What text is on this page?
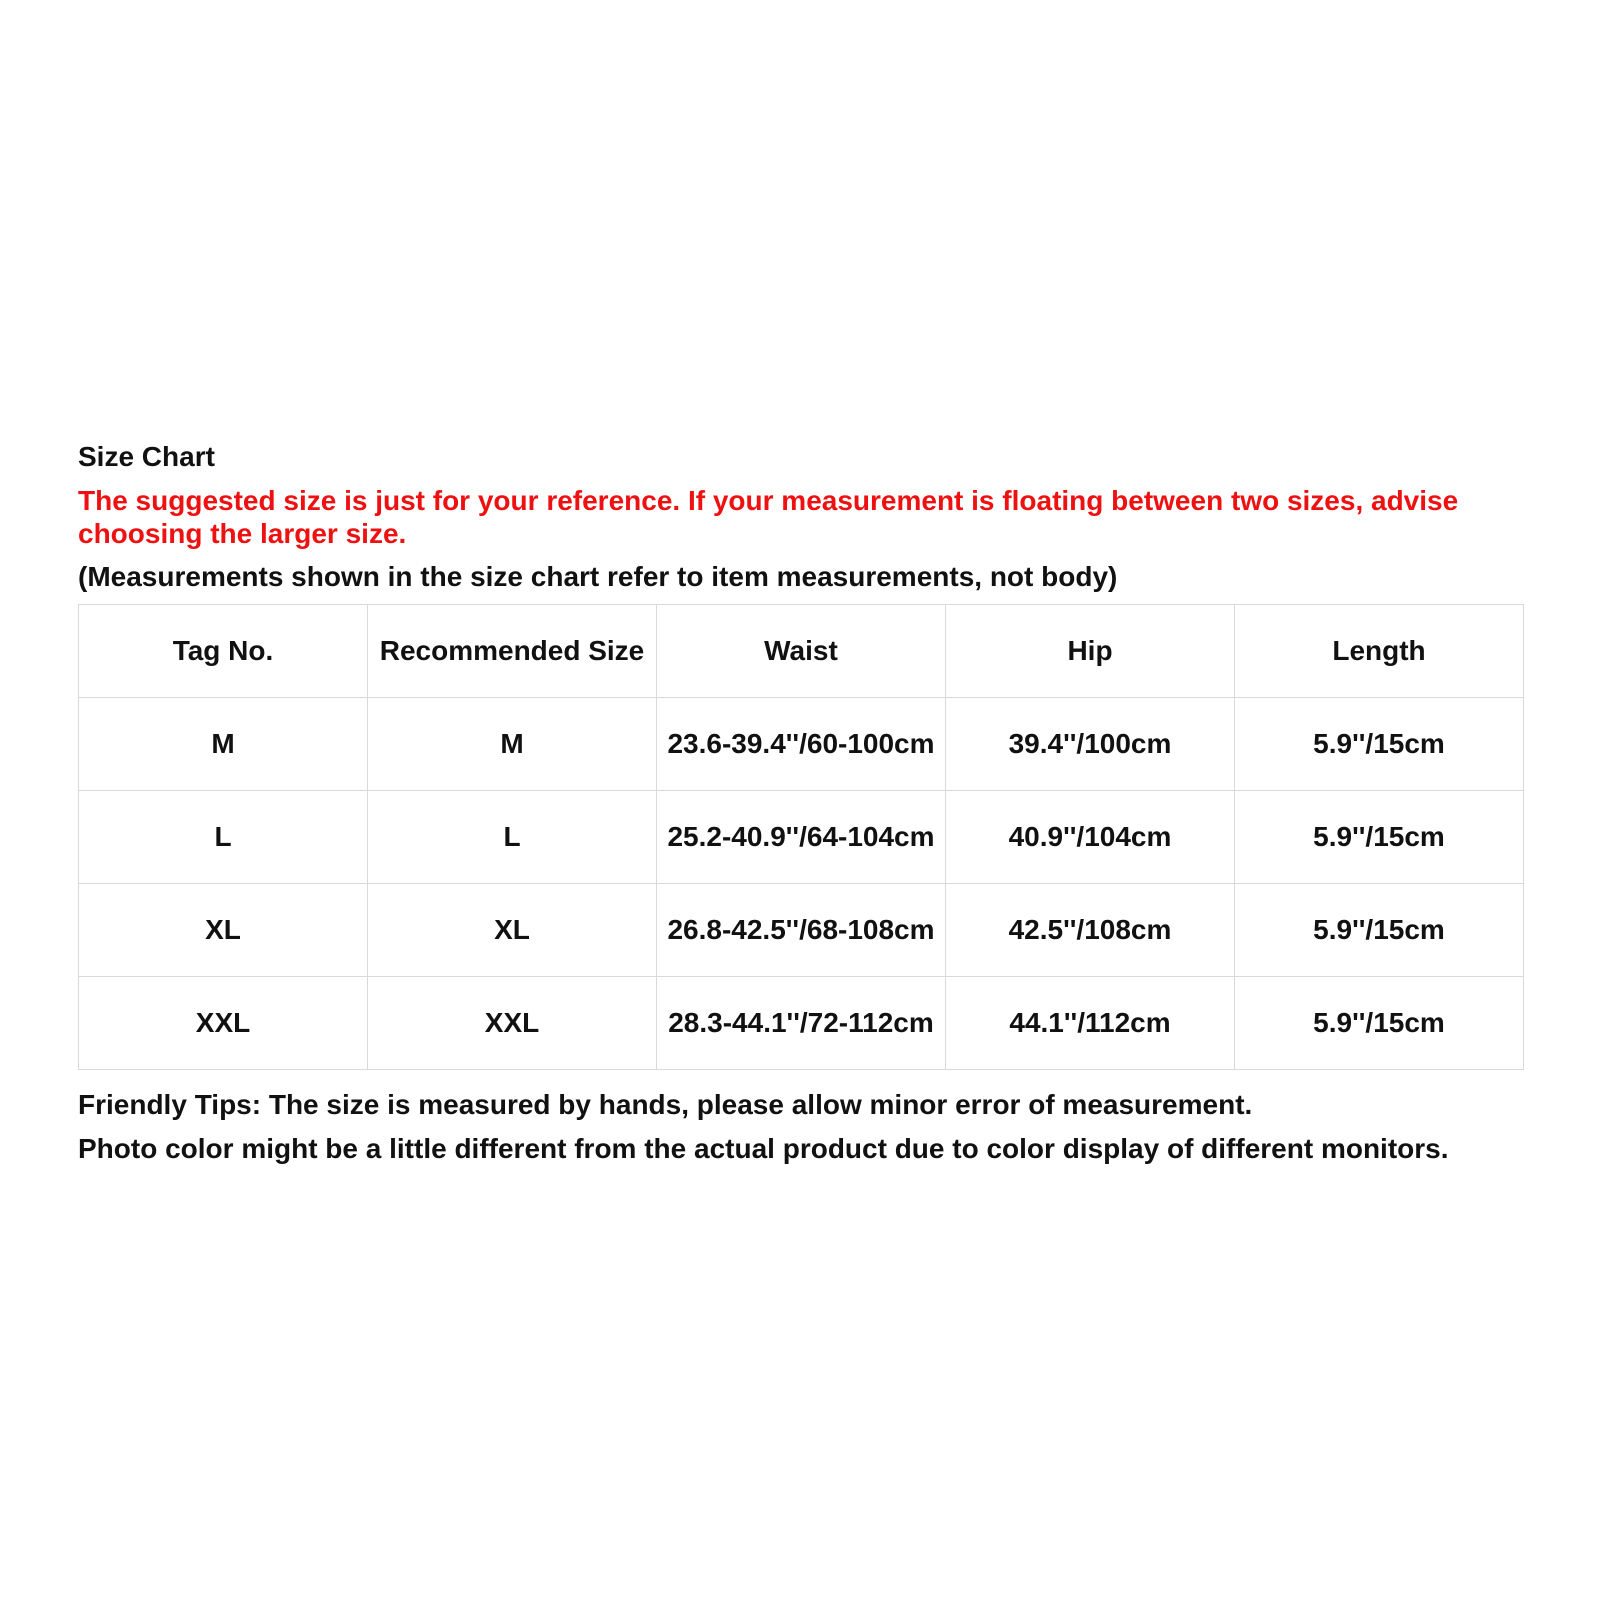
Size Chart
The suggested size is just for your reference. If your measurement is floating between two sizes, advise choosing the larger size.
(Measurements shown in the size chart refer to item measurements, not body)
Tag No.	Recommended Size	Waist	Hip	Length
M	M	23.6-39.4''/60-100cm	39.4''/100cm	5.9''/15cm
L	L	25.2-40.9''/64-104cm	40.9''/104cm	5.9''/15cm
XL	XL	26.8-42.5''/68-108cm	42.5''/108cm	5.9''/15cm
XXL	XXL	28.3-44.1''/72-112cm	44.1''/112cm	5.9''/15cm

Friendly Tips: The size is measured by hands, please allow minor error of measurement.

Photo color might be a little different from the actual product due to color display of different monitors.
